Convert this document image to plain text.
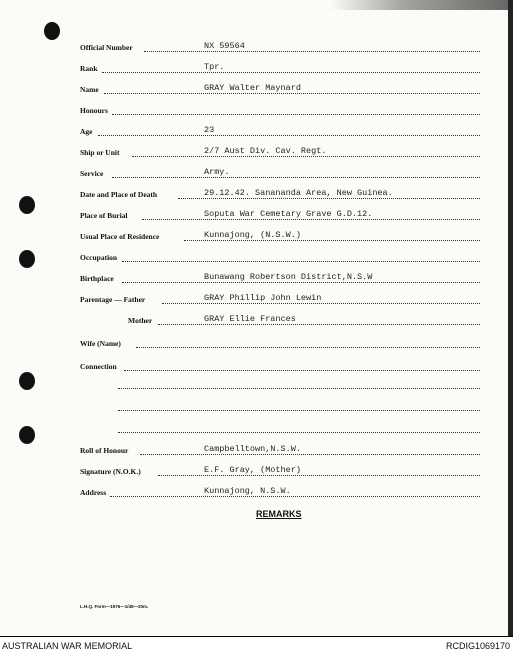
Official Number	NX 59564
Rank	Tpr.
Name	GRAY Walter Maynard
Honours
Age	23
Ship or Unit	2/7 Aust Div. Cav. Regt.
Service	Army.
Date and Place of Death	29.12.42. Sanananda Area, New Guinea.
Place of Burial	Soputa War Cemetary Grave G.D.12.
Usual Place of Residence	Kunnajong, (N.S.W.)
Occupation
Birthplace	Bunawang Robertson District,N.S.W
Parentage — Father	GRAY Phillip John Lewin
Mother	GRAY Ellie Frances
Wife (Name)
Connection
Roll of Honour	Campbelltown,N.S.W.
Signature (N.O.K.)	E.F. Gray, (Mother)
Address	Kunnajong, N.S.W.
REMARKS
L.H.Q. Form—1976—1/45—20m.
AUSTRALIAN WAR MEMORIAL	RCDIG1069170
